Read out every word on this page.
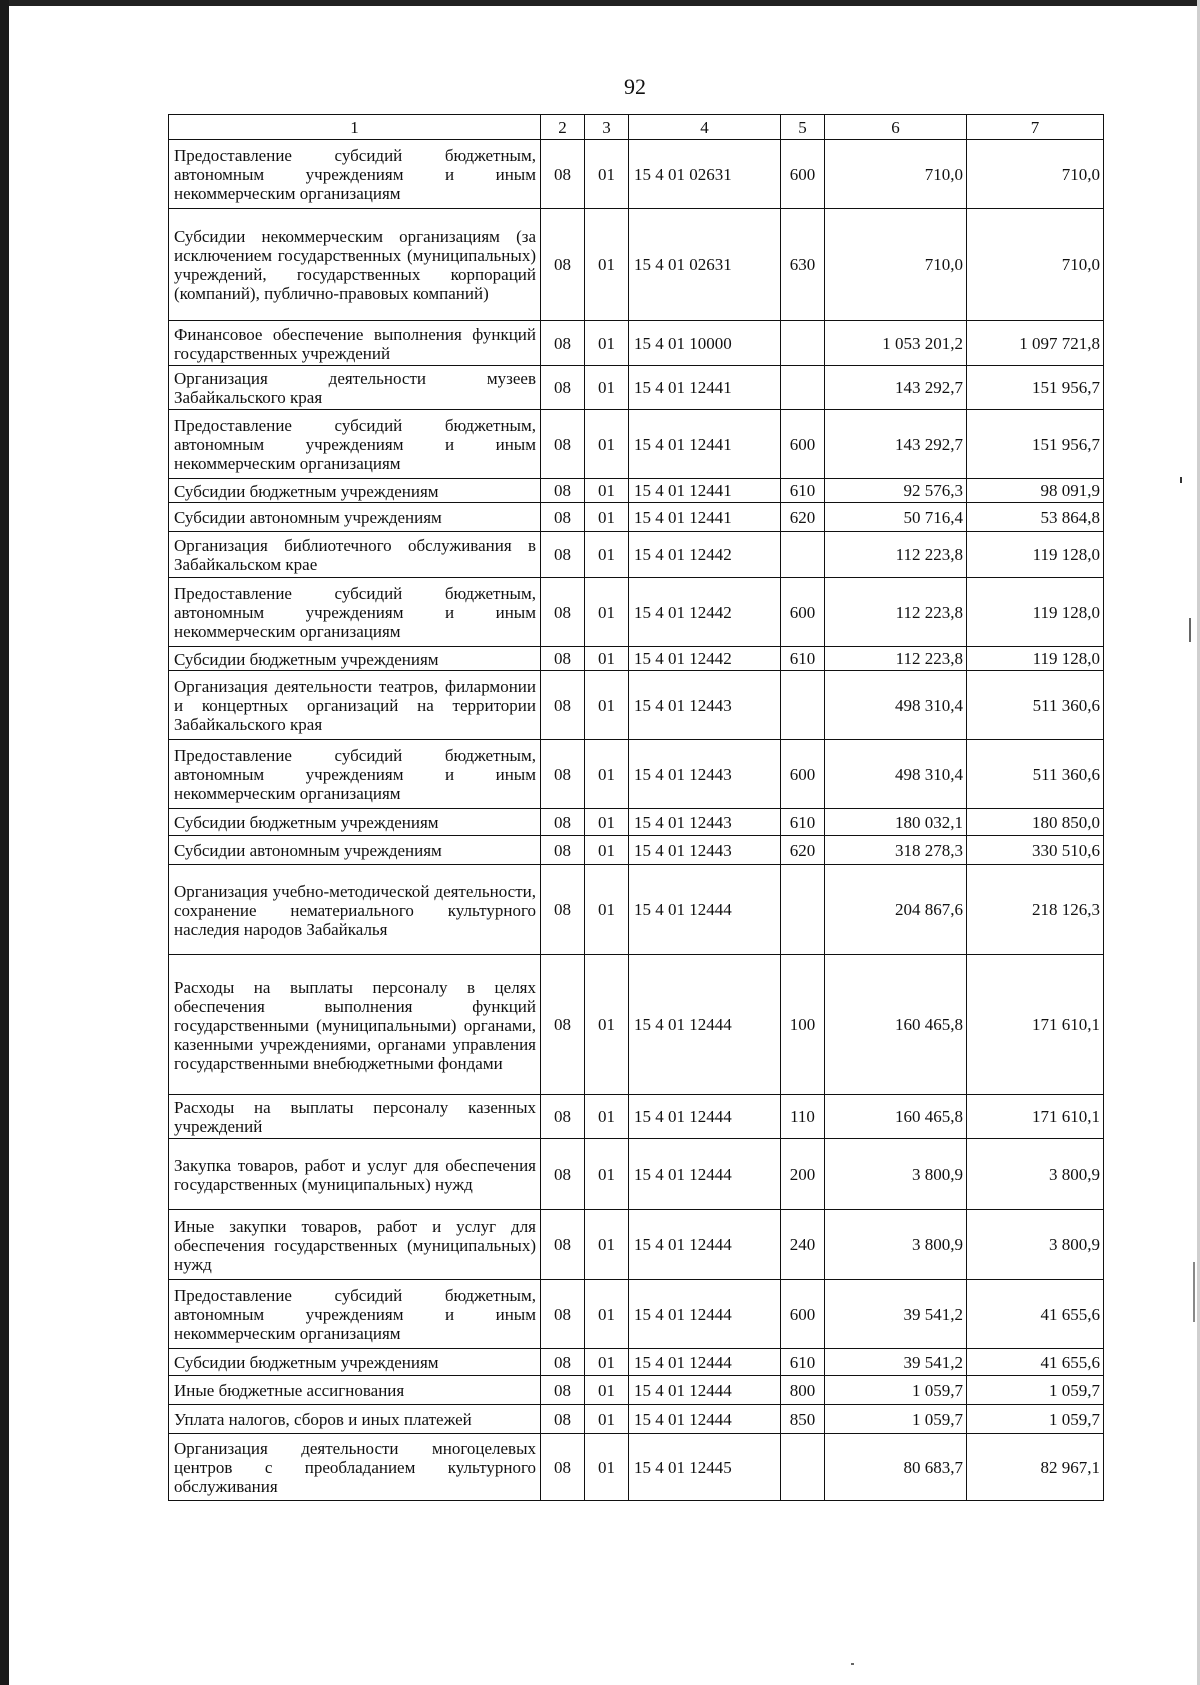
92
1	2	3	4	5	6	7
Предоставление субсидий бюджетным, автономным учреждениям и иным некоммерческим организациям	08	01	15 4 01 02631	600	710,0	710,0
Субсидии некоммерческим организациям (за исключением государственных (муниципальных) учреждений, государственных корпораций (компаний), публично-правовых компаний)	08	01	15 4 01 02631	630	710,0	710,0
Финансовое обеспечение выполнения функций государственных учреждений	08	01	15 4 01 10000		1 053 201,2	1 097 721,8
Организация деятельности музеев Забайкальского края	08	01	15 4 01 12441		143 292,7	151 956,7
Предоставление субсидий бюджетным, автономным учреждениям и иным некоммерческим организациям	08	01	15 4 01 12441	600	143 292,7	151 956,7
Субсидии бюджетным учреждениям	08	01	15 4 01 12441	610	92 576,3	98 091,9
Субсидии автономным учреждениям	08	01	15 4 01 12441	620	50 716,4	53 864,8
Организация библиотечного обслуживания в Забайкальском крае	08	01	15 4 01 12442		112 223,8	119 128,0
Предоставление субсидий бюджетным, автономным учреждениям и иным некоммерческим организациям	08	01	15 4 01 12442	600	112 223,8	119 128,0
Субсидии бюджетным учреждениям	08	01	15 4 01 12442	610	112 223,8	119 128,0
Организация деятельности театров, филармонии и концертных организаций на территории Забайкальского края	08	01	15 4 01 12443		498 310,4	511 360,6
Предоставление субсидий бюджетным, автономным учреждениям и иным некоммерческим организациям	08	01	15 4 01 12443	600	498 310,4	511 360,6
Субсидии бюджетным учреждениям	08	01	15 4 01 12443	610	180 032,1	180 850,0
Субсидии автономным учреждениям	08	01	15 4 01 12443	620	318 278,3	330 510,6
Организация учебно-методической деятельности, сохранение нематериального культурного наследия народов Забайкалья	08	01	15 4 01 12444		204 867,6	218 126,3
Расходы на выплаты персоналу в целях обеспечения выполнения функций государственными (муниципальными) органами, казенными учреждениями, органами управления государственными внебюджетными фондами	08	01	15 4 01 12444	100	160 465,8	171 610,1
Расходы на выплаты персоналу казенных учреждений	08	01	15 4 01 12444	110	160 465,8	171 610,1
Закупка товаров, работ и услуг для обеспечения государственных (муниципальных) нужд	08	01	15 4 01 12444	200	3 800,9	3 800,9
Иные закупки товаров, работ и услуг для обеспечения государственных (муниципальных) нужд	08	01	15 4 01 12444	240	3 800,9	3 800,9
Предоставление субсидий бюджетным, автономным учреждениям и иным некоммерческим организациям	08	01	15 4 01 12444	600	39 541,2	41 655,6
Субсидии бюджетным учреждениям	08	01	15 4 01 12444	610	39 541,2	41 655,6
Иные бюджетные ассигнования	08	01	15 4 01 12444	800	1 059,7	1 059,7
Уплата налогов, сборов и иных платежей	08	01	15 4 01 12444	850	1 059,7	1 059,7
Организация деятельности многоцелевых центров с преобладанием культурного обслуживания	08	01	15 4 01 12445		80 683,7	82 967,1
